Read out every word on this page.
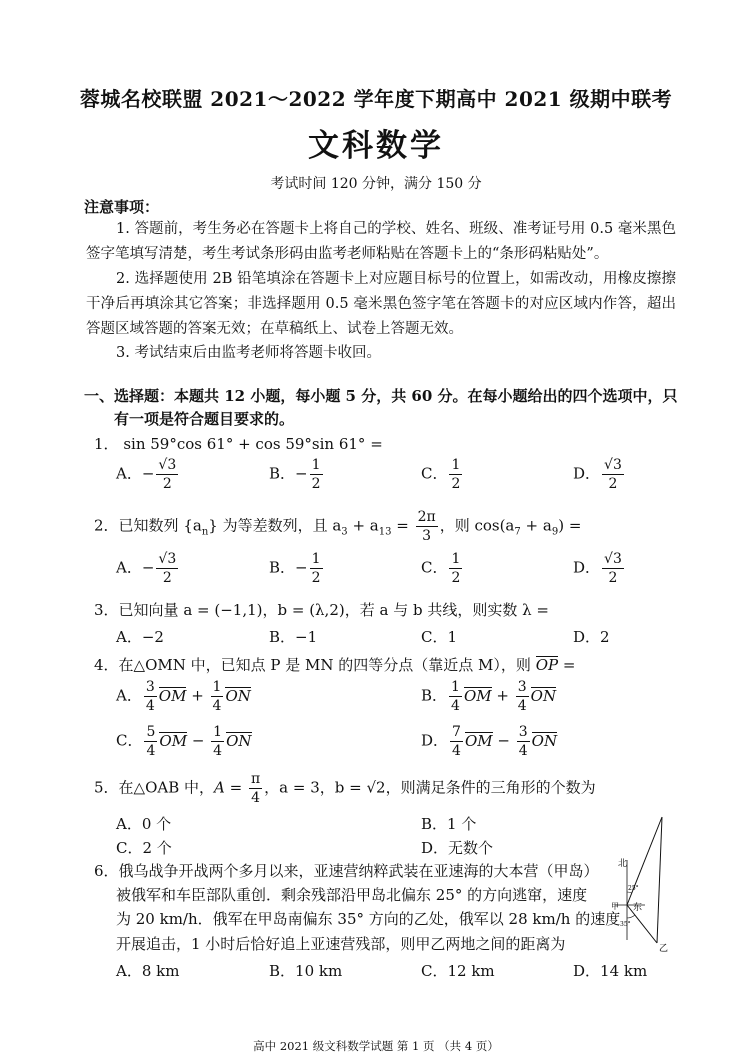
蓉城名校联盟 2021～2022 学年度下期高中 2021 级期中联考
文科数学
考试时间 120 分钟，满分 150 分
注意事项：
1. 答题前，考生务必在答题卡上将自己的学校、姓名、班级、准考证号用 0.5 毫米黑色签字笔填写清楚，考生考试条形码由监考老师粘贴在答题卡上的“条形码粘贴处”。
2. 选择题使用 2B 铅笔填涂在答题卡上对应题目标号的位置上，如需改动，用橡皮擦擦干净后再填涂其它答案；非选择题用 0.5 毫米黑色签字笔在答题卡的对应区域内作答，超出答题区域答题的答案无效；在草稿纸上、试卷上答题无效。
3. 考试结束后由监考老师将答题卡收回。
一、选择题：本题共 12 小题，每小题 5 分，共 60 分。在每小题给出的四个选项中，只
有一项是符合题目要求的。
1． sin 59°cos 61° + cos 59°sin 61° =
A．− $\frac{√3}{2}$	B．− $\frac{1}{2}$	C． $\frac{1}{2}$	D． $\frac{√3}{2}$
2．已知数列 $\{a_n\}$ 为等差数列，且 $a_3 + a_{13} = \frac{2\pi}{3}$ ，则 $\cos(a_7 + a_9)$ =
A．− $\frac{√3}{2}$	B．− $\frac{1}{2}$	C． $\frac{1}{2}$	D． $\frac{√3}{2}$
3．已知向量 a = (−1,1)，b = (λ,2)，若 a 与 b 共线，则实数 λ =
A．−2	B．−1	C．1	D．2
4．在△OMN 中，已知点 P 是 MN 的四等分点（靠近点 M），则 OP =
A． $\frac{3}{4}$ OM + $\frac{1}{4}$ ON	B． $\frac{1}{4}$ OM + $\frac{3}{4}$ ON
C． $\frac{5}{4}$ OM − $\frac{1}{4}$ ON	D． $\frac{7}{4}$ OM − $\frac{3}{4}$ ON
5．在△OAB 中，$A = \frac{\pi}{4}$ ，a = 3，b = √2，则满足条件的三角形的个数为
A．0 个	B．1 个
C．2 个	D．无数个
6．俄乌战争开战两个多月以来，亚速营纳粹武装在亚速海的大本营（甲岛）
被俄军和车臣部队重创．剩余残部沿甲岛北偏东 25° 的方向逃窜，速度
为 20 km/h．俄军在甲岛南偏东 35° 方向的乙处，俄军以 28 km/h 的速度
开展追击，1 小时后恰好追上亚速营残部，则甲乙两地之间的距离为
A．8 km	B．10 km	C．12 km	D．14 km
北
东
甲
乙
25°
35°
高中 2021 级文科数学试题 第 1 页 （共 4 页）
